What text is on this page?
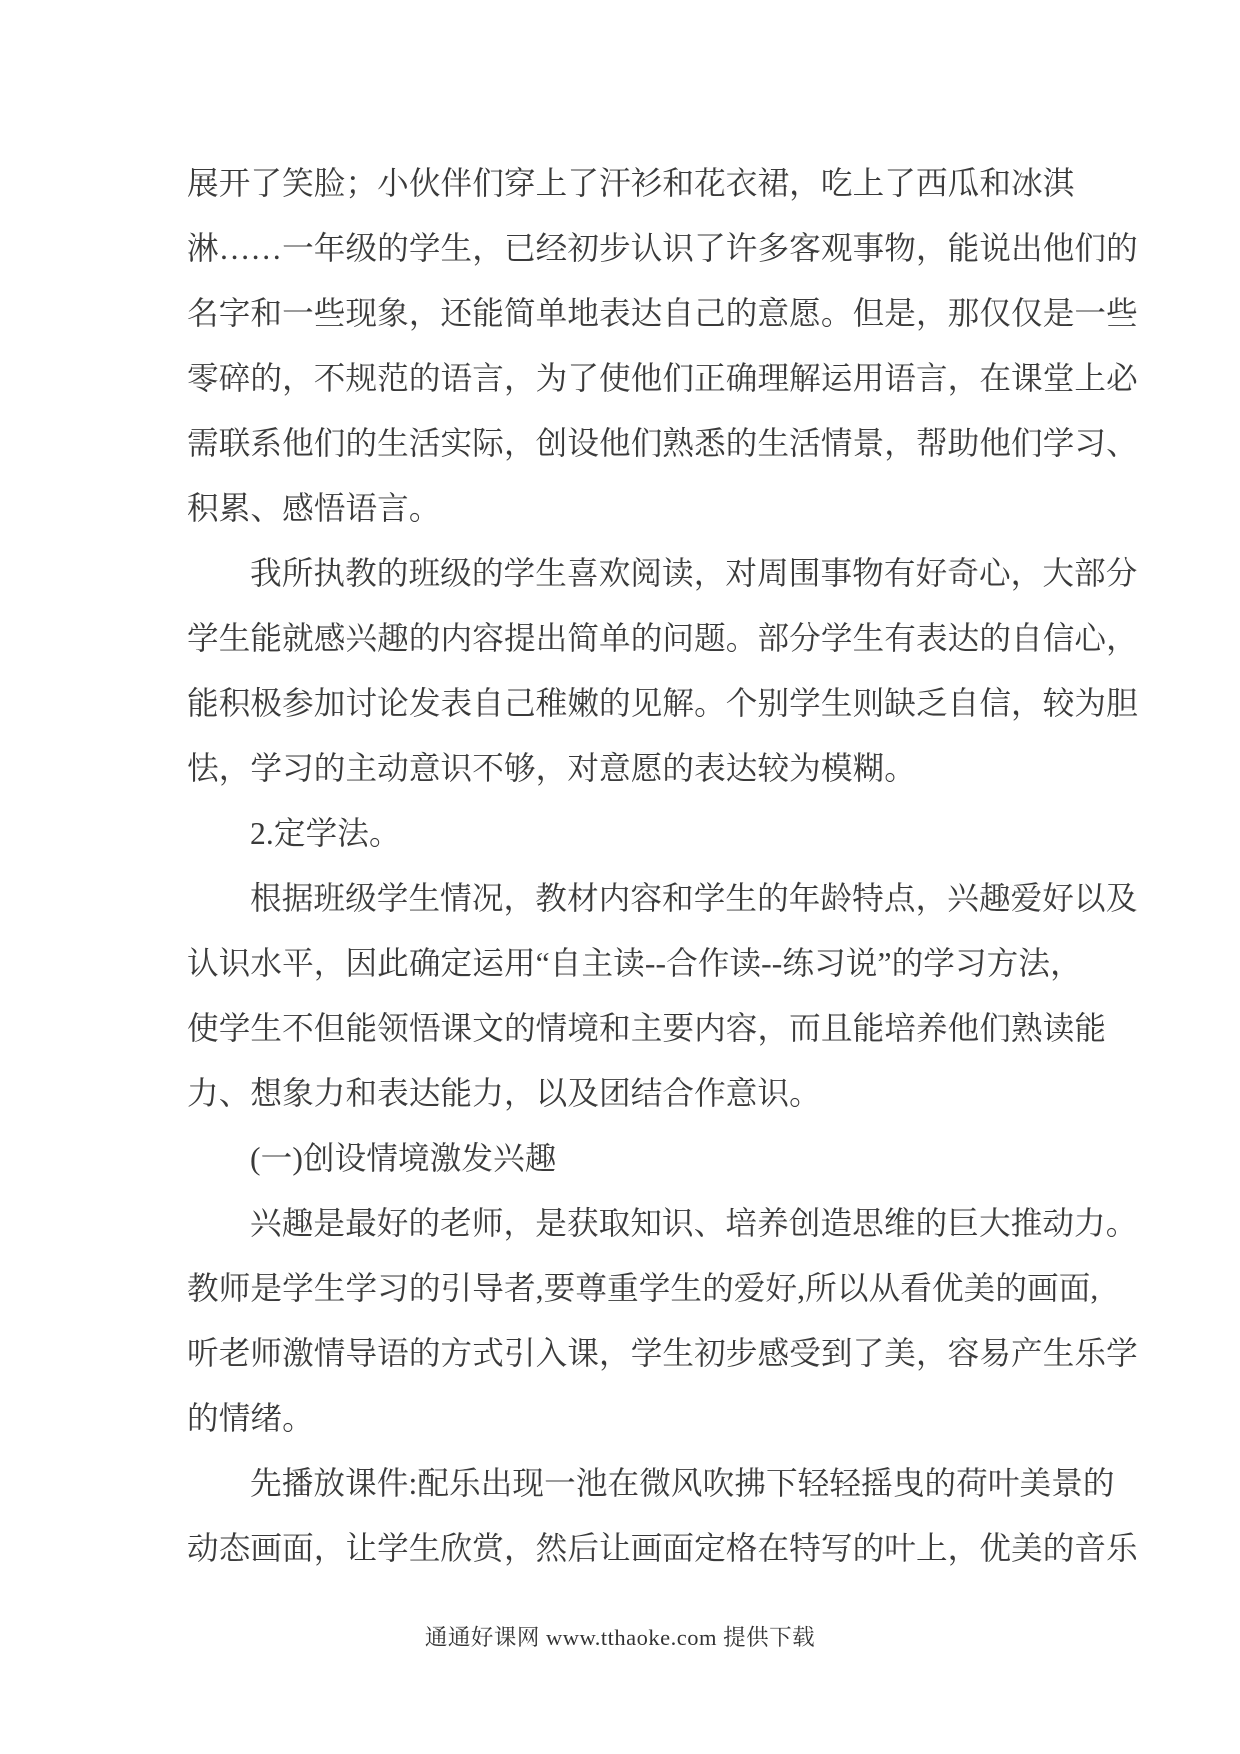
展开了笑脸；小伙伴们穿上了汗衫和花衣裙，吃上了西瓜和冰淇
淋……一年级的学生，已经初步认识了许多客观事物，能说出他们的
名字和一些现象，还能简单地表达自己的意愿。但是，那仅仅是一些
零碎的，不规范的语言，为了使他们正确理解运用语言，在课堂上必
需联系他们的生活实际，创设他们熟悉的生活情景，帮助他们学习、
积累、感悟语言。
我所执教的班级的学生喜欢阅读，对周围事物有好奇心，大部分
学生能就感兴趣的内容提出简单的问题。部分学生有表达的自信心，
能积极参加讨论发表自己稚嫩的见解。个别学生则缺乏自信，较为胆
怯，学习的主动意识不够，对意愿的表达较为模糊。
2.定学法。
根据班级学生情况，教材内容和学生的年龄特点，兴趣爱好以及
认识水平，因此确定运用“自主读--合作读--练习说”的学习方法，
使学生不但能领悟课文的情境和主要内容，而且能培养他们熟读能
力、想象力和表达能力，以及团结合作意识。
(一)创设情境激发兴趣
兴趣是最好的老师，是获取知识、培养创造思维的巨大推动力。
教师是学生学习的引导者,要尊重学生的爱好,所以从看优美的画面,
听老师激情导语的方式引入课，学生初步感受到了美，容易产生乐学
的情绪。
先播放课件:配乐出现一池在微风吹拂下轻轻摇曳的荷叶美景的
动态画面，让学生欣赏，然后让画面定格在特写的叶上，优美的音乐
通通好课网 www.tthaoke.com 提供下载
